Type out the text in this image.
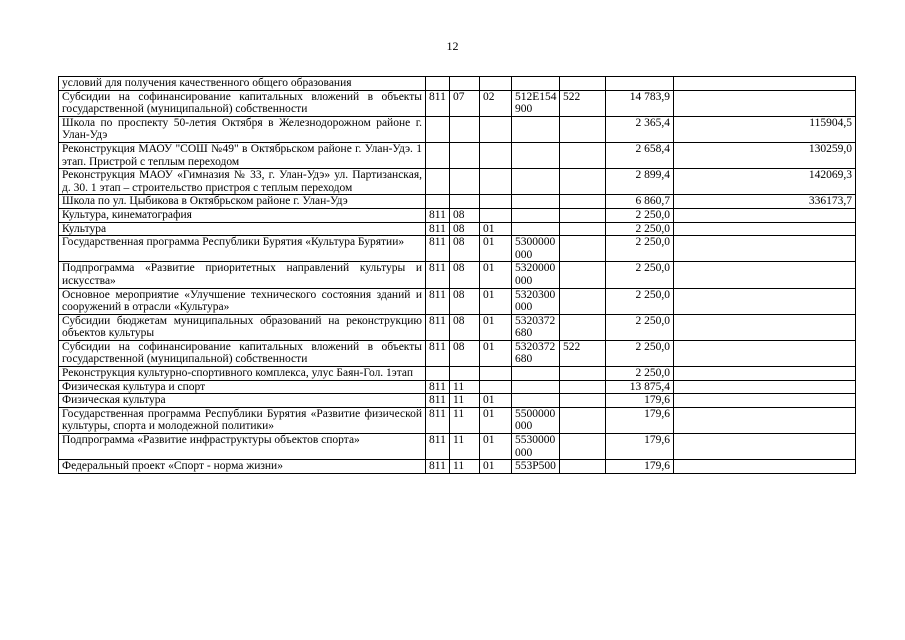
12
условий для получения качественного общего образования							
Субсидии на софинансирование капитальных вложений в объекты государственной (муниципальной) собственности	811	07	02	512E154 900	522	14 783,9	
Школа по проспекту 50-летия Октября в Железнодорожном районе г. Улан-Удэ						2 365,4	115904,5
Реконструкция МАОУ "СОШ №49" в Октябрьском районе г. Улан-Удэ. 1 этап. Пристрой с теплым переходом						2 658,4	130259,0
Реконструкция МАОУ «Гимназия № 33, г. Улан-Удэ» ул. Партизанская, д. 30. 1 этап – строительство пристроя с теплым переходом						2 899,4	142069,3
Школа по ул. Цыбикова в Октябрьском районе г. Улан-Удэ						6 860,7	336173,7
Культура, кинематография	811	08				2 250,0	
Культура	811	08	01			2 250,0	
Государственная программа Республики Бурятия «Культура Бурятии»	811	08	01	5300000 000		2 250,0	
Подпрограмма «Развитие приоритетных направлений культуры и искусства»	811	08	01	5320000 000		2 250,0	
Основное мероприятие «Улучшение технического состояния зданий и сооружений в отрасли «Культура»	811	08	01	5320300 000		2 250,0	
Субсидии бюджетам муниципальных образований на реконструкцию объектов культуры	811	08	01	5320372 680		2 250,0	
Субсидии на софинансирование капитальных вложений в объекты государственной (муниципальной) собственности	811	08	01	5320372 680	522	2 250,0	
Реконструкция культурно-спортивного комплекса, улус Баян-Гол. 1этап						2 250,0	
Физическая культура и спорт	811	11				13 875,4	
Физическая культура	811	11	01			179,6	
Государственная программа Республики Бурятия «Развитие физической культуры, спорта и молодежной политики»	811	11	01	5500000 000		179,6	
Подпрограмма «Развитие инфраструктуры объектов спорта»	811	11	01	5530000 000		179,6	
Федеральный проект «Спорт - норма жизни»	811	11	01	553P500		179,6	
